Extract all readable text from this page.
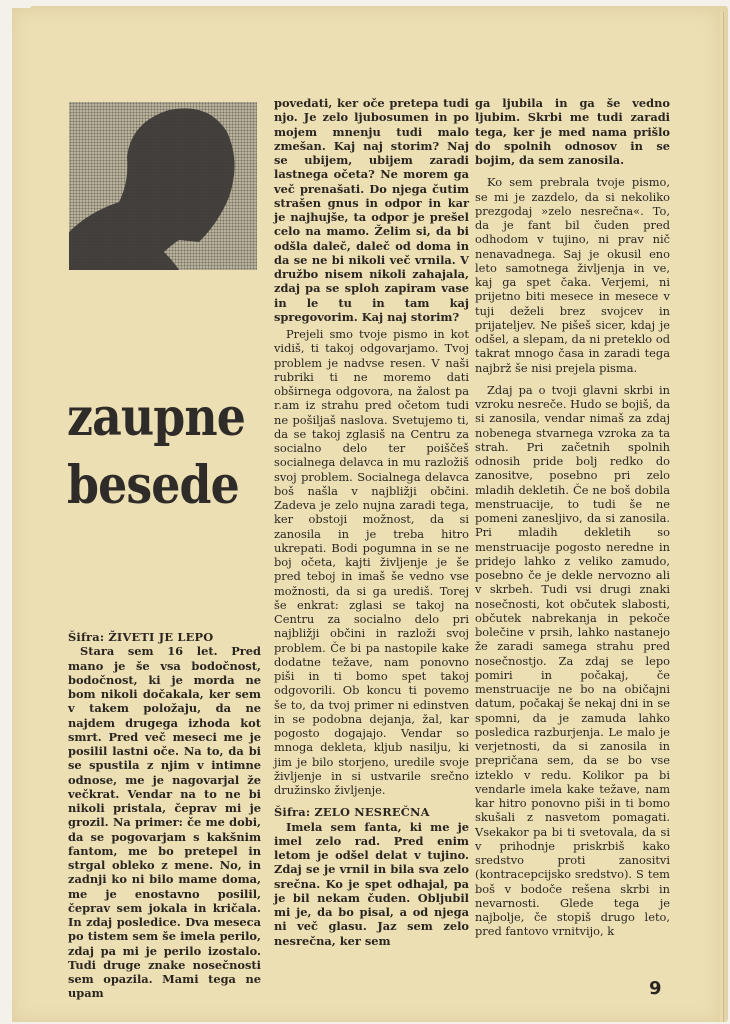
zaupne
besede

Šifra: ŽIVETI JE LEPO

Stara sem 16 let. Pred mano je še vsa bodočnost, bodočnost, ki je morda ne bom nikoli dočakala, ker sem v takem položaju, da ne najdem drugega izhoda kot smrt. Pred več meseci me je posilil lastni oče. Na to, da bi se spustila z njim v intimne odnose, me je nagovarjal že večkrat. Vendar na to ne bi nikoli pristala, čeprav mi je grozil. Na primer: če me dobi, da se pogovarjam s kakšnim fantom, me bo pretepel in strgal obleko z mene. No, in zadnji ko ni bilo mame doma, me je enostavno posilil, čeprav sem jokala in kričala. In zdaj posledice. Dva meseca po tistem sem še imela perilo, zdaj pa mi je perilo izostalo. Tudi druge znake nosečnosti sem opazila. Mami tega ne upam

povedati, ker oče pretepa tudi njo. Je zelo ljubosumen in po mojem mnenju tudi malo zmešan. Kaj naj storim? Naj se ubijem, ubijem zaradi lastnega očeta? Ne morem ga več prenašati. Do njega čutim strašen gnus in odpor in kar je najhujše, ta odpor je prešel celo na mamo. Želim si, da bi odšla daleč, daleč od doma in da se ne bi nikoli več vrnila. V družbo nisem nikoli zahajala, zdaj pa se sploh zapiram vase in le tu in tam kaj spregovorim. Kaj naj storim?

Prejeli smo tvoje pismo in kot vidiš, ti takoj odgovarjamo. Tvoj problem je nadvse resen. V naši rubriki ti ne moremo dati obširnega odgovora, na žalost pa r.am iz strahu pred očetom tudi ne pošiljaš naslova. Svetujemo ti, da se takoj zglasiš na Centru za socialno delo ter poiščeš socialnega delavca in mu razložiš svoj problem. Socialnega delavca boš našla v najbližji občini. Zadeva je zelo nujna zaradi tega, ker obstoji možnost, da si zanosila in je treba hitro ukrepati. Bodi pogumna in se ne boj očeta, kajti življenje je še pred teboj in imaš še vedno vse možnosti, da si ga urediš. Torej še enkrat: zglasi se takoj na Centru za socialno delo pri najbližji občini in razloži svoj problem. Če bi pa nastopile kake dodatne težave, nam ponovno piši in ti bomo spet takoj odgovorili. Ob koncu ti povemo še to, da tvoj primer ni edinstven in se podobna dejanja, žal, kar pogosto dogajajo. Vendar so mnoga dekleta, kljub nasilju, ki jim je bilo storjeno, uredile svoje življenje in si ustvarile srečno družinsko življenje.

Šifra: ZELO NESREČNA

Imela sem fanta, ki me je imel zelo rad. Pred enim letom je odšel delat v tujino. Zdaj se je vrnil in bila sva zelo srečna. Ko je spet odhajal, pa je bil nekam čuden. Obljubil mi je, da bo pisal, a od njega ni več glasu. Jaz sem zelo nesrečna, ker sem

ga ljubila in ga še vedno ljubim. Skrbi me tudi zaradi tega, ker je med nama prišlo do spolnih odnosov in se bojim, da sem zanosila.

Ko sem prebrala tvoje pismo, se mi je zazdelo, da si nekoliko prezgodaj »zelo nesrečna«. To, da je fant bil čuden pred odhodom v tujino, ni prav nič nenavadnega. Saj je okusil eno leto samotnega življenja in ve, kaj ga spet čaka. Verjemi, ni prijetno biti mesece in mesece v tuji deželi brez svojcev in prijateljev. Ne pišeš sicer, kdaj je odšel, a slepam, da ni preteklo od takrat mnogo časa in zaradi tega najbrž še nisi prejela pisma.

Zdaj pa o tvoji glavni skrbi in vzroku nesreče. Hudo se bojiš, da si zanosila, vendar nimaš za zdaj nobenega stvarnega vzroka za ta strah. Pri začetnih spolnih odnosih pride bolj redko do zanositve, posebno pri zelo mladih dekletih. Če ne boš dobila menstruacije, to tudi še ne pomeni zanesljivo, da si zanosila. Pri mladih dekletih so menstruacije pogosto neredne in pridejo lahko z veliko zamudo, posebno če je dekle nervozno ali v skrbeh. Tudi vsi drugi znaki nosečnosti, kot občutek slabosti, občutek nabrekanja in pekoče bolečine v prsih, lahko nastanejo že zaradi samega strahu pred nosečnostjo. Za zdaj se lepo pomiri in počakaj, če menstruacije ne bo na običajni datum, počakaj še nekaj dni in se spomni, da je zamuda lahko posledica razburjenja. Le malo je verjetnosti, da si zanosila in prepričana sem, da se bo vse izteklo v redu. Kolikor pa bi vendarle imela kake težave, nam kar hitro ponovno piši in ti bomo skušali z nasvetom pomagati. Vsekakor pa bi ti svetovala, da si v prihodnje priskrbiš kako sredstvo proti zanositvi (kontracepcijsko sredstvo). S tem boš v bodoče rešena skrbi in nevarnosti. Glede tega je najbolje, če stopiš drugo leto, pred fantovo vrnitvijo, k

9
